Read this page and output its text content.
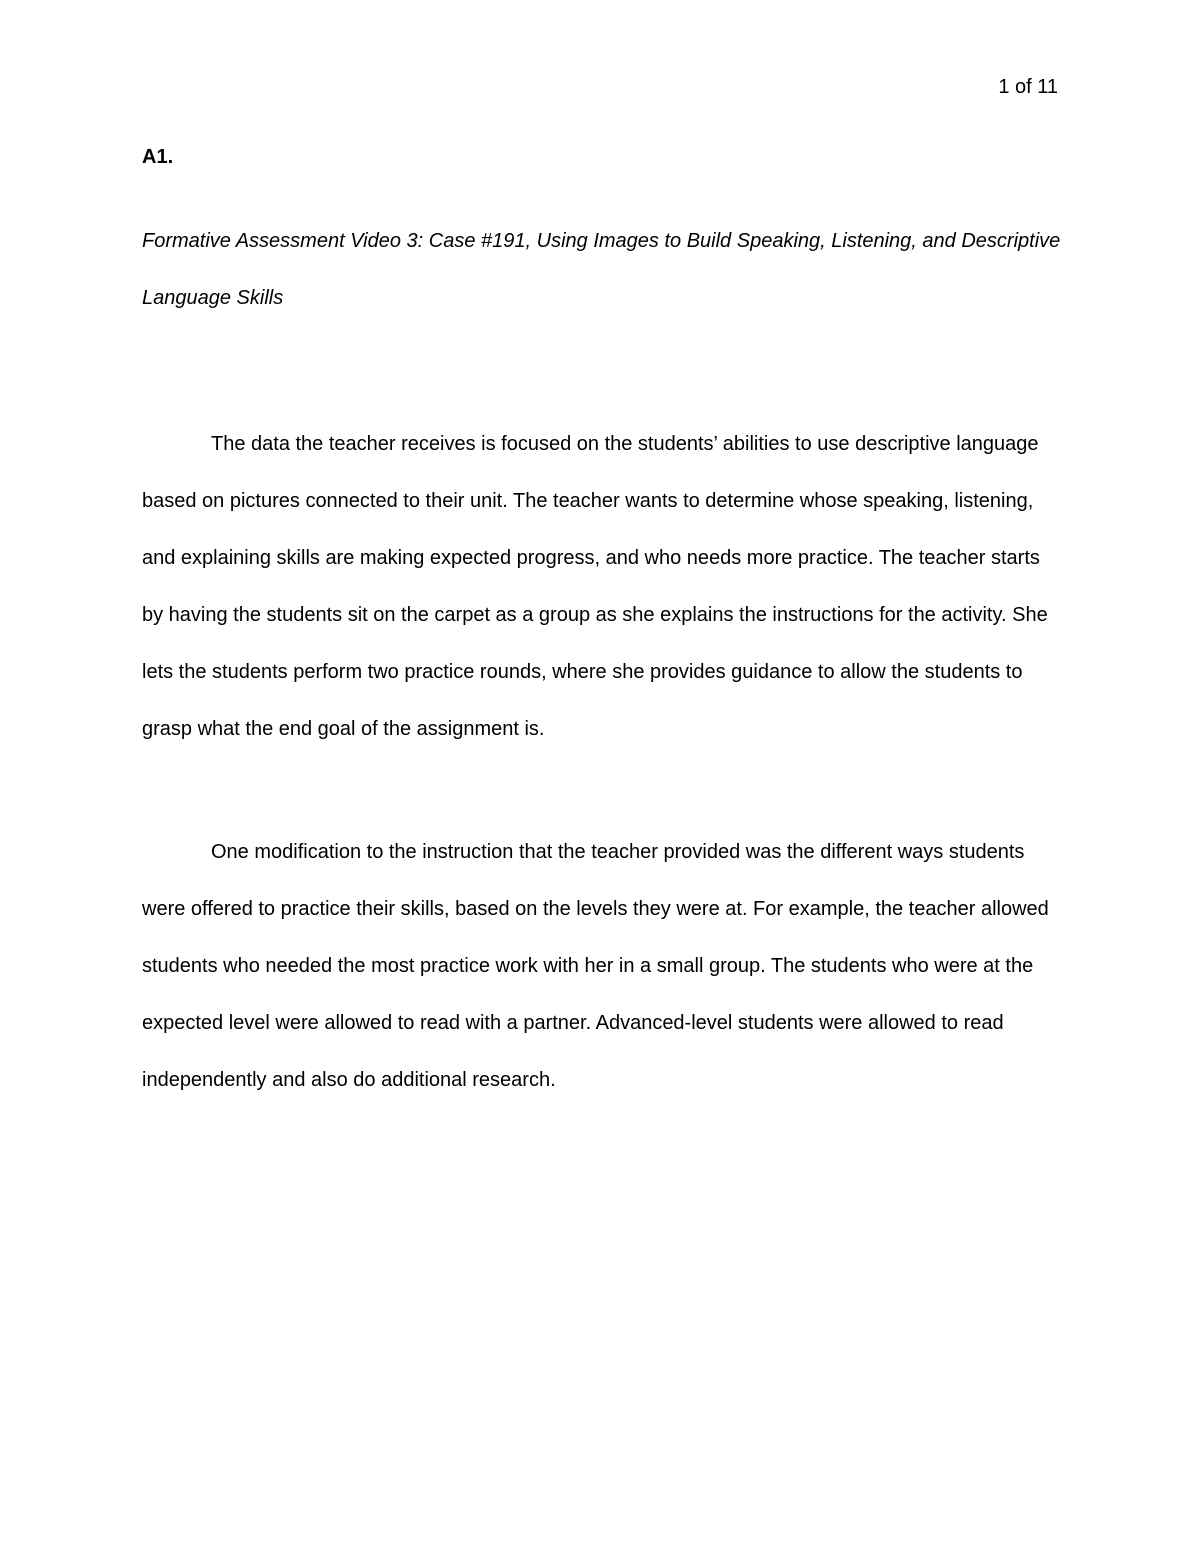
1 of 11
A1.

Formative Assessment Video 3: Case #191, Using Images to Build Speaking, Listening, and Descriptive Language Skills

The data the teacher receives is focused on the students’ abilities to use descriptive language based on pictures connected to their unit. The teacher wants to determine whose speaking, listening, and explaining skills are making expected progress, and who needs more practice. The teacher starts by having the students sit on the carpet as a group as she explains the instructions for the activity. She lets the students perform two practice rounds, where she provides guidance to allow the students to grasp what the end goal of the assignment is.

One modification to the instruction that the teacher provided was the different ways students were offered to practice their skills, based on the levels they were at. For example, the teacher allowed students who needed the most practice work with her in a small group. The students who were at the expected level were allowed to read with a partner. Advanced-level students were allowed to read independently and also do additional research.
